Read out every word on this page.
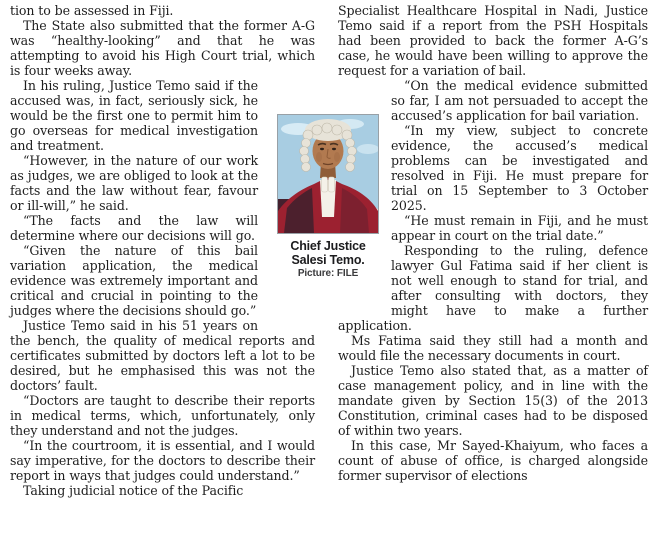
tion to be assessed in Fiji.

The State also submitted that the former A-G was “healthy-looking” and that he was attempting to avoid his High Court trial, which is four weeks away.

In his ruling, Justice Temo said if the accused was, in fact, seriously sick, he would be the first one to permit him to go overseas for medical investigation and treatment.

“However, in the nature of our work as judges, we are obliged to look at the facts and the law without fear, favour or ill-will,” he said.

“The facts and the law will determine where our decisions will go.

“Given the nature of this bail variation application, the medical evidence was extremely important and critical and crucial in pointing to the judges where the decisions should go.”

Justice Temo said in his 51 years on the bench, the quality of medical reports and certificates submitted by doctors left a lot to be desired, but he emphasised this was not the doctors’ fault.

“Doctors are taught to describe their reports in medical terms, which, unfortunately, only they understand and not the judges.

“In the courtroom, it is essential, and I would say imperative, for the doctors to describe their report in ways that judges could understand.”

Taking judicial notice of the Pacific

Specialist Healthcare Hospital in Nadi, Justice Temo said if a report from the PSH Hospitals had been provided to back the former A-G’s case, he would have been willing to approve the request for a variation of bail.

“On the medical evidence submitted so far, I am not persuaded to accept the accused’s application for bail variation.

“In my view, subject to concrete evidence, the accused’s medical problems can be investigated and resolved in Fiji. He must prepare for trial on 15 September to 3 October 2025.

“He must remain in Fiji, and he must appear in court on the trial date.”

Responding to the ruling, defence lawyer Gul Fatima said if her client is not well enough to stand for trial, and after consulting with doctors, they might have to make a further application.

Ms Fatima said they still had a month and would file the necessary documents in court.

Justice Temo also stated that, as a matter of case management policy, and in line with the mandate given by Section 15(3) of the 2013 Constitution, criminal cases had to be disposed of within two years.

In this case, Mr Sayed-Khaiyum, who faces a count of abuse of office, is charged alongside former supervisor of elections

Chief Justice
Salesi Temo.
Picture: FILE
